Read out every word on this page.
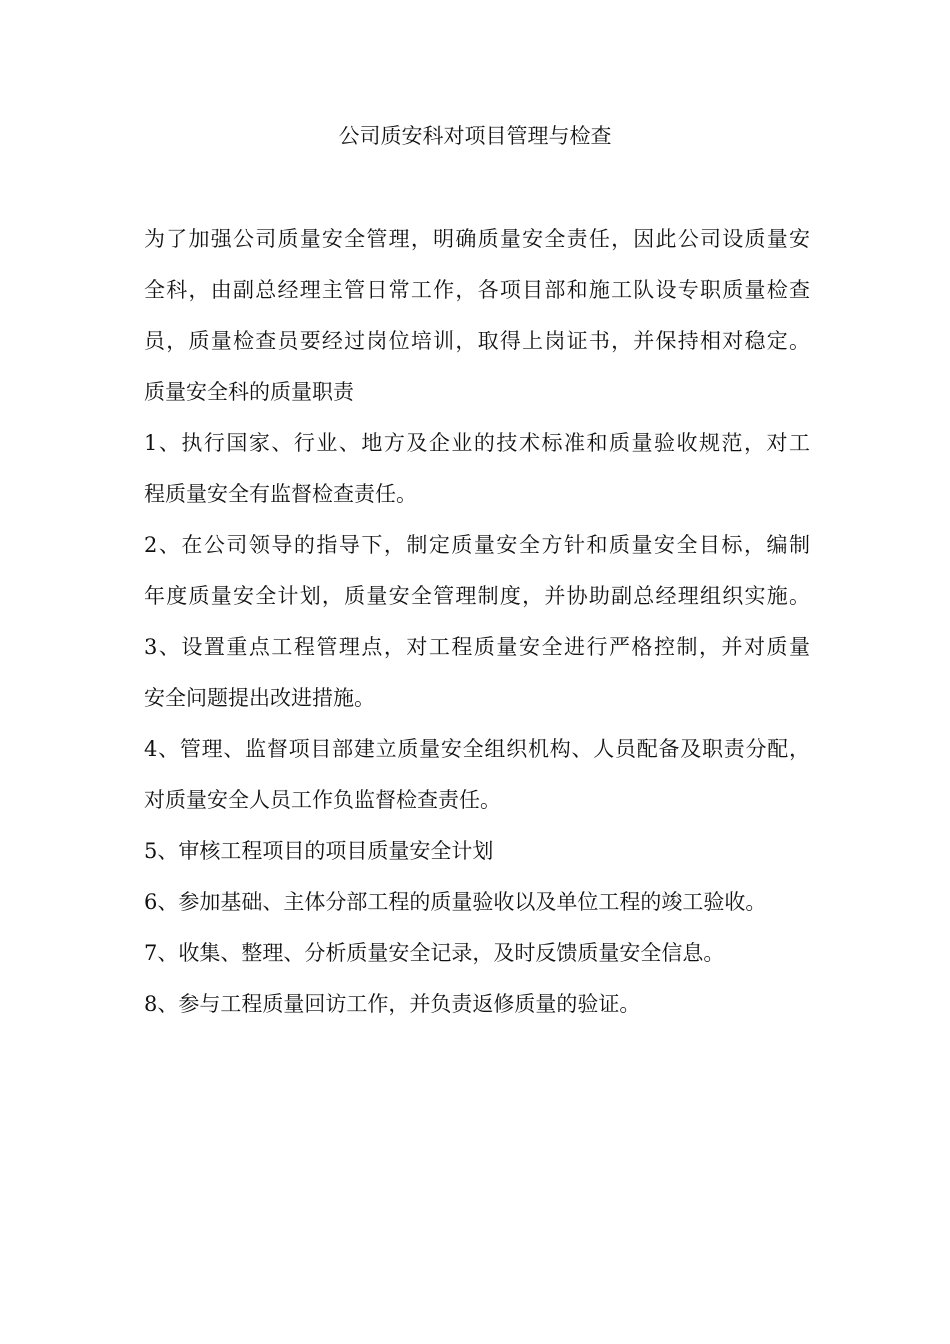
公司质安科对项目管理与检查

为了加强公司质量安全管理，明确质量安全责任，因此公司设质量安
全科，由副总经理主管日常工作，各项目部和施工队设专职质量检查
员，质量检查员要经过岗位培训，取得上岗证书，并保持相对稳定。

质量安全科的质量职责

1、执行国家、行业、地方及企业的技术标准和质量验收规范，对工
程质量安全有监督检查责任。

2、在公司领导的指导下，制定质量安全方针和质量安全目标，编制
年度质量安全计划，质量安全管理制度，并协助副总经理组织实施。

3、设置重点工程管理点，对工程质量安全进行严格控制，并对质量
安全问题提出改进措施。

4、管理、监督项目部建立质量安全组织机构、人员配备及职责分配，
对质量安全人员工作负监督检查责任。

5、审核工程项目的项目质量安全计划

6、参加基础、主体分部工程的质量验收以及单位工程的竣工验收。

7、收集、整理、分析质量安全记录，及时反馈质量安全信息。

8、参与工程质量回访工作，并负责返修质量的验证。
